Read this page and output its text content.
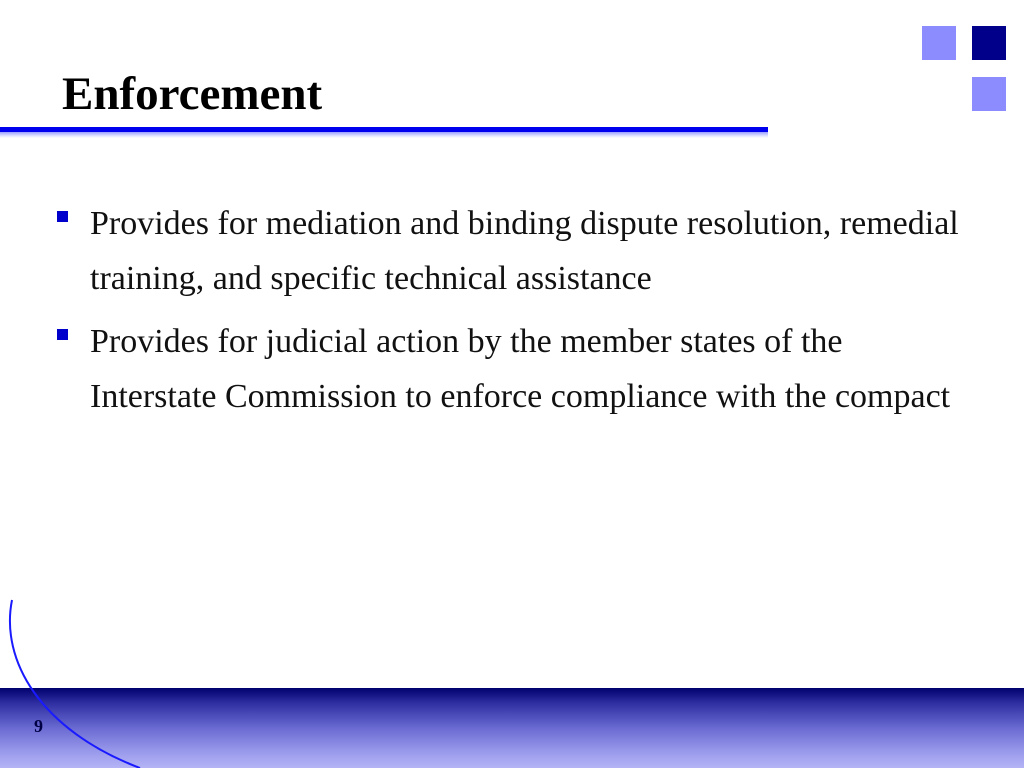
Enforcement
Provides for mediation and binding dispute resolution, remedial training, and specific technical assistance
Provides for judicial action by the member states of the Interstate Commission to enforce compliance with the compact

9
